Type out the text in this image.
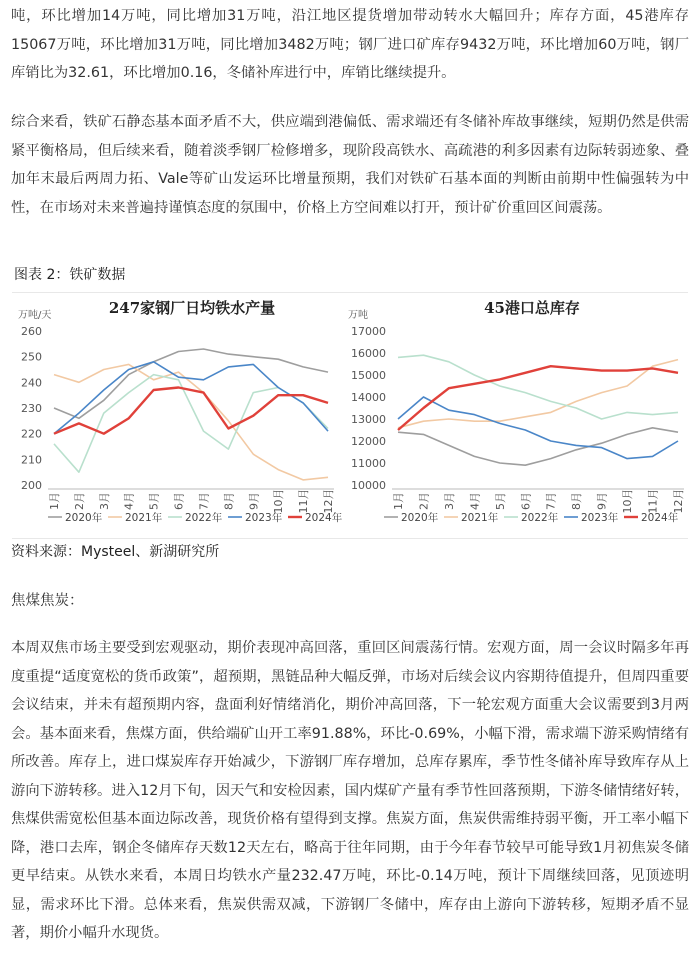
吨，环比增加14万吨，同比增加31万吨，沿江地区提货增加带动转水大幅回升；库存方面，45港库存15067万吨，环比增加31万吨，同比增加3482万吨；钢厂进口矿库存9432万吨，环比增加60万吨，钢厂库销比为32.61，环比增加0.16，冬储补库进行中，库销比继续提升。

综合来看，铁矿石静态基本面矛盾不大，供应端到港偏低、需求端还有冬储补库故事继续，短期仍然是供需紧平衡格局，但后续来看，随着淡季钢厂检修增多，现阶段高铁水、高疏港的利多因素有边际转弱迹象、叠加年末最后两周力拓、Vale等矿山发运环比增量预期，我们对铁矿石基本面的判断由前期中性偏强转为中性，在市场对未来普遍持谨慎态度的氛围中，价格上方空间难以打开，预计矿价重回区间震荡。

图表 2：铁矿数据
247家钢厂日均铁水产量
万吨/天
200
210
220
230
240
250
260
1月 2月 3月 4月 5月 6月 7月 8月 9月 10月 11月 12月
2020年 2021年 2022年 2023年 2024年
45港口总库存
万吨
10000
11000
12000
13000
14000
15000
16000
17000
1月 2月 3月 4月 5月 6月 7月 8月 9月 10月 11月 12月
2020年 2021年 2022年 2023年 2024年
资料来源：Mysteel、新湖研究所
焦煤焦炭：

本周双焦市场主要受到宏观驱动，期价表现冲高回落，重回区间震荡行情。宏观方面，周一会议时隔多年再度重提“适度宽松的货币政策”，超预期，黑链品种大幅反弹，市场对后续会议内容期待值提升，但周四重要会议结束，并未有超预期内容，盘面利好情绪消化，期价冲高回落，下一轮宏观方面重大会议需要到3月两会。基本面来看，焦煤方面，供给端矿山开工率91.88%，环比-0.69%，小幅下滑，需求端下游采购情绪有所改善。库存上，进口煤炭库存开始减少，下游钢厂库存增加，总库存累库，季节性冬储补库导致库存从上游向下游转移。进入12月下旬，因天气和安检因素，国内煤矿产量有季节性回落预期，下游冬储情绪好转，焦煤供需宽松但基本面边际改善，现货价格有望得到支撑。焦炭方面，焦炭供需维持弱平衡，开工率小幅下降，港口去库，钢企冬储库存天数12天左右，略高于往年同期，由于今年春节较早可能导致1月初焦炭冬储更早结束。从铁水来看，本周日均铁水产量232.47万吨，环比-0.14万吨，预计下周继续回落，见顶迹明显，需求环比下滑。总体来看，焦炭供需双减，下游钢厂冬储中，库存由上游向下游转移，短期矛盾不显著，期价小幅升水现货。
